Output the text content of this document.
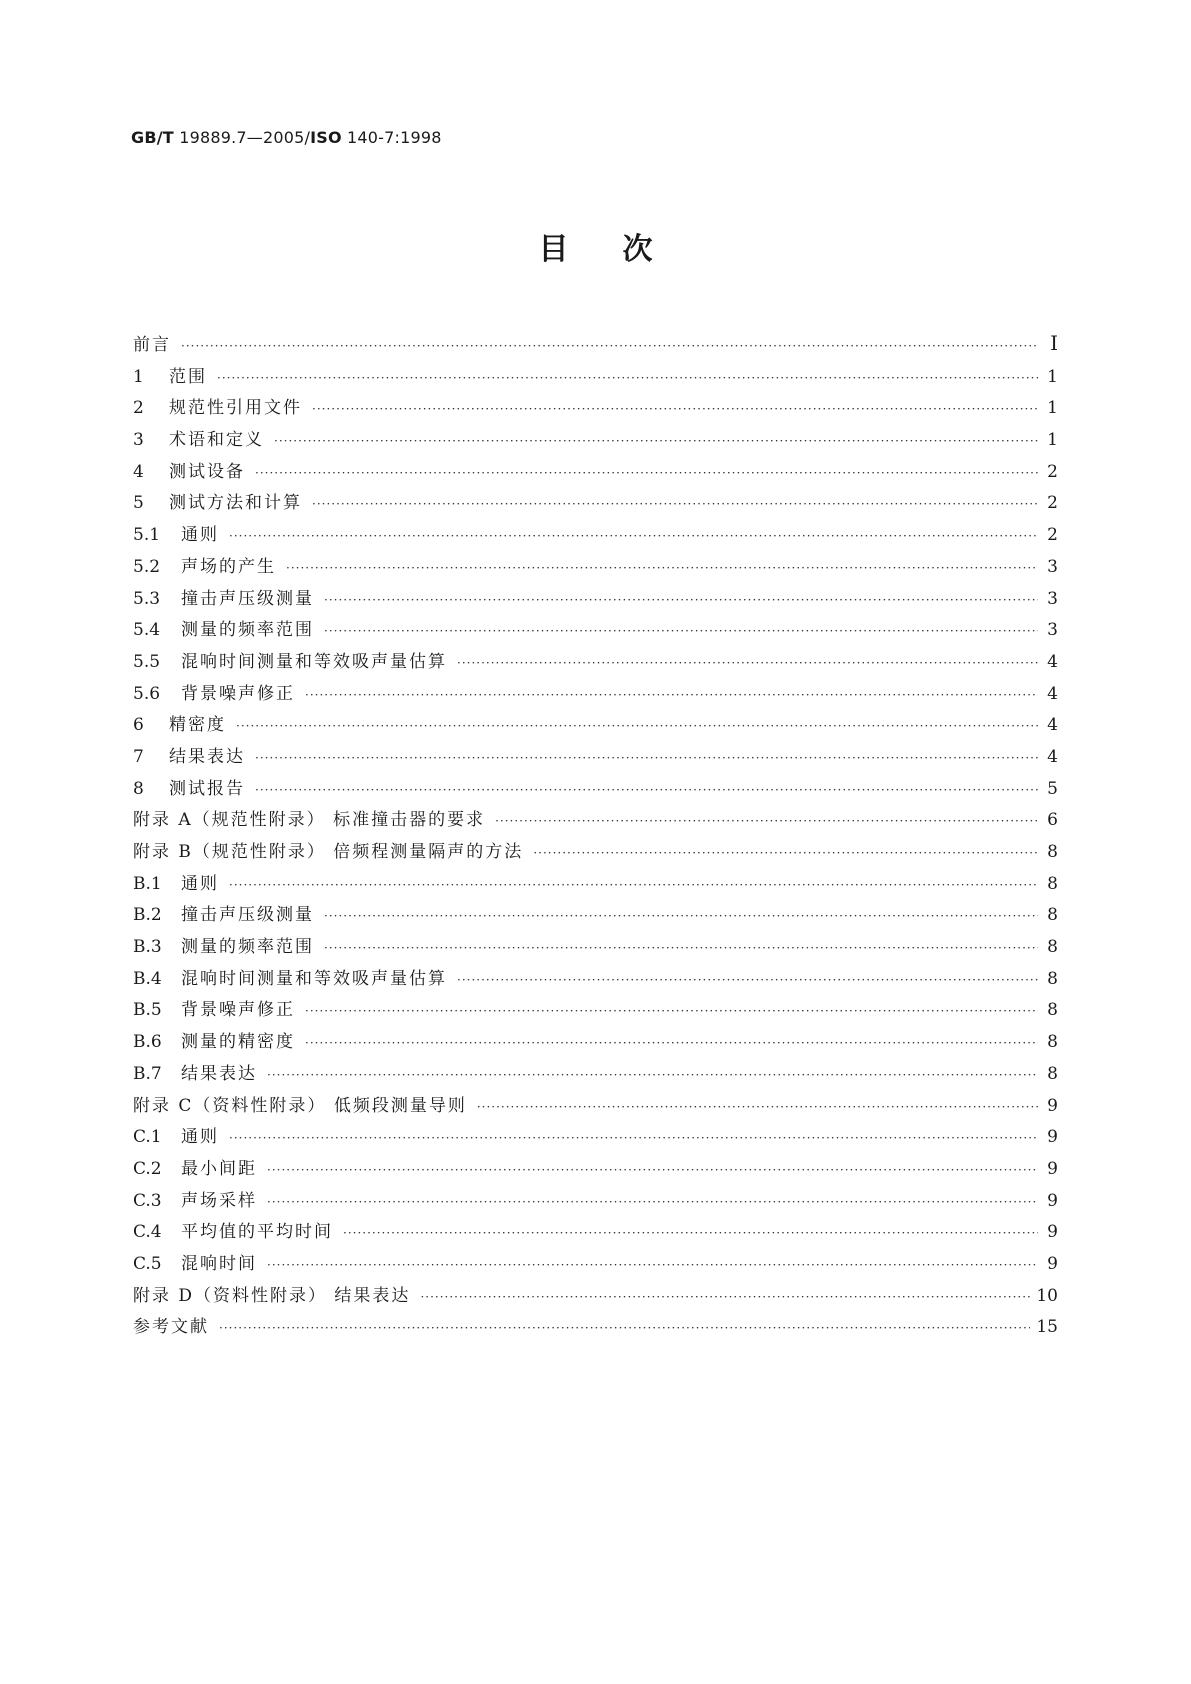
GB/T 19889.7—2005/ISO 140-7:1998
目次
前言 ·····	I
1	范围 ·····	1
2	规范性引用文件 ·····	1
3	术语和定义 ·····	1
4	测试设备 ·····	2
5	测试方法和计算 ·····	2
5.1	通则 ·····	2
5.2	声场的产生 ·····	3
5.3	撞击声压级测量 ·····	3
5.4	测量的频率范围 ·····	3
5.5	混响时间测量和等效吸声量估算 ·····	4
5.6	背景噪声修正 ·····	4
6	精密度 ·····	4
7	结果表达 ·····	4
8	测试报告 ·····	5
附录 A（规范性附录） 标准撞击器的要求 ·····	6
附录 B（规范性附录） 倍频程测量隔声的方法 ·····	8
B.1	通则 ·····	8
B.2	撞击声压级测量 ·····	8
B.3	测量的频率范围 ·····	8
B.4	混响时间测量和等效吸声量估算 ·····	8
B.5	背景噪声修正 ·····	8
B.6	测量的精密度 ·····	8
B.7	结果表达 ·····	8
附录 C（资料性附录） 低频段测量导则 ·····	9
C.1	通则 ·····	9
C.2	最小间距 ·····	9
C.3	声场采样 ·····	9
C.4	平均值的平均时间 ·····	9
C.5	混响时间 ·····	9
附录 D（资料性附录） 结果表达 ·····	10
参考文献 ·····	15
